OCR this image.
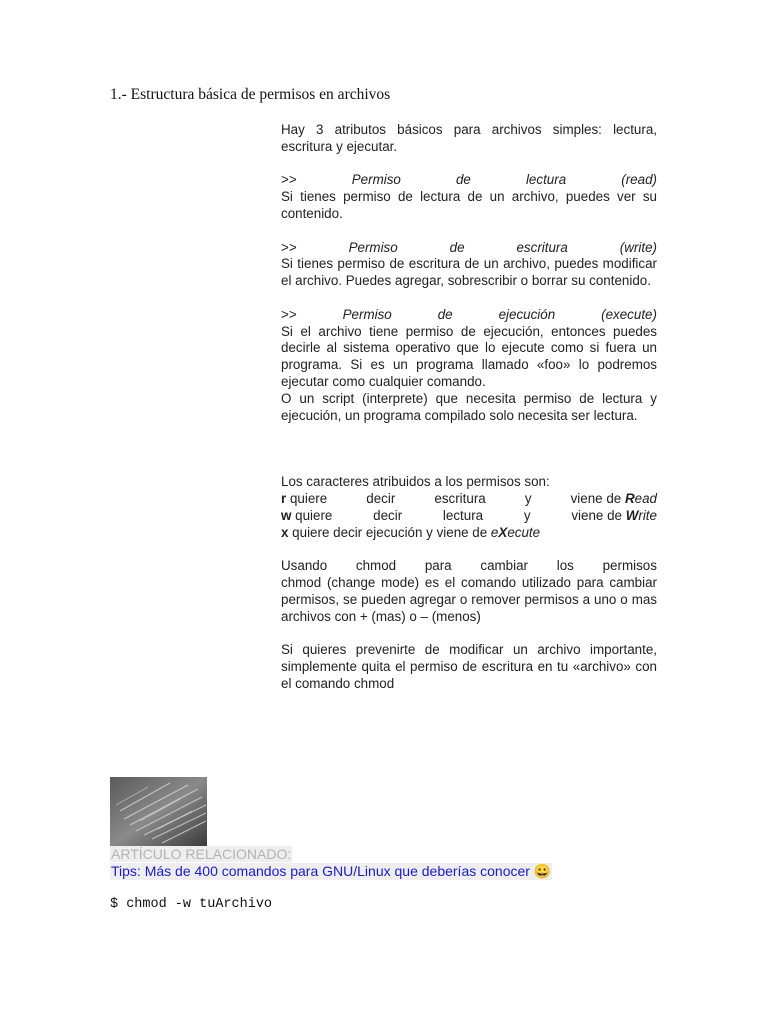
1.- Estructura básica de permisos en archivos

Hay 3 atributos básicos para archivos simples: lectura, escritura y ejecutar.

>>	Permiso	de	lectura	(read)

Si tienes permiso de lectura de un archivo, puedes ver su contenido.

>>	Permiso	de	escritura	(write)

Si tienes permiso de escritura de un archivo, puedes modificar el archivo. Puedes agregar, sobrescribir o borrar su contenido.

>>	Permiso	de	ejecución	(execute)

Si el archivo tiene permiso de ejecución, entonces puedes decirle al sistema operativo que lo ejecute como si fuera un programa. Si es un programa llamado «foo» lo podremos ejecutar como cualquier comando.

O un script (interprete) que necesita permiso de lectura y ejecución, un programa compilado solo necesita ser lectura.

Los caracteres atribuidos a los permisos son:

r quiere	decir	escritura	y	viene de Read
w quiere	decir	lectura	y	viene de Write
x quiere decir ejecución y viene de eXecute
Usando chmod para cambiar los permisos

chmod (change mode) es el comando utilizado para cambiar permisos, se pueden agregar o remover permisos a uno o mas archivos con + (mas) o – (menos)

Si quieres prevenirte de modificar un archivo importante, simplemente quita el permiso de escritura en tu «archivo» con el comando chmod

ARTÍCULO RELACIONADO:
Tips: Más de 400 comandos para GNU/Linux que deberías conocer 😀
$ chmod -w tuArchivo
